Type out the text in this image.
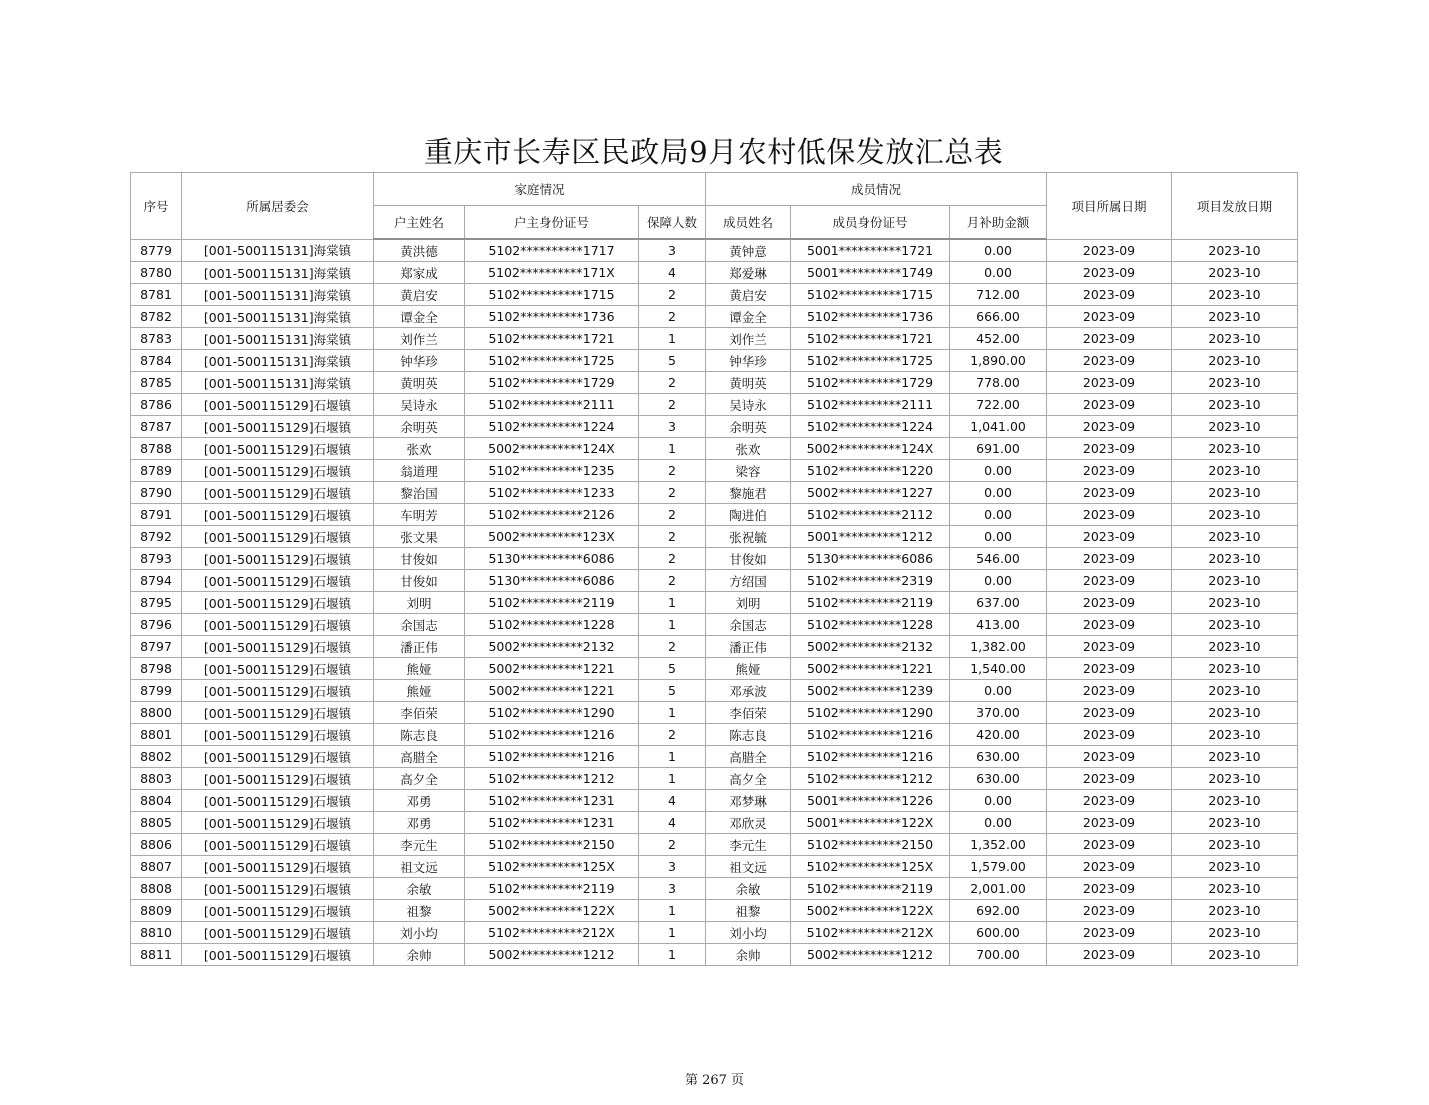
重庆市长寿区民政局9月农村低保发放汇总表
序号	所属居委会	家庭情况			成员情况			项目所属日期	项目发放日期
		户主姓名	户主身份证号	保障人数	成员姓名	成员身份证号	月补助金额		
8779	[001-500115131]海棠镇	黄洪德	5102**********1717	3	黄钟意	5001**********1721	0.00	2023-09	2023-10
8780	[001-500115131]海棠镇	郑家成	5102**********171X	4	郑爱琳	5001**********1749	0.00	2023-09	2023-10
8781	[001-500115131]海棠镇	黄启安	5102**********1715	2	黄启安	5102**********1715	712.00	2023-09	2023-10
8782	[001-500115131]海棠镇	谭金全	5102**********1736	2	谭金全	5102**********1736	666.00	2023-09	2023-10
8783	[001-500115131]海棠镇	刘作兰	5102**********1721	1	刘作兰	5102**********1721	452.00	2023-09	2023-10
8784	[001-500115131]海棠镇	钟华珍	5102**********1725	5	钟华珍	5102**********1725	1,890.00	2023-09	2023-10
8785	[001-500115131]海棠镇	黄明英	5102**********1729	2	黄明英	5102**********1729	778.00	2023-09	2023-10
8786	[001-500115129]石堰镇	吴诗永	5102**********2111	2	吴诗永	5102**********2111	722.00	2023-09	2023-10
8787	[001-500115129]石堰镇	余明英	5102**********1224	3	余明英	5102**********1224	1,041.00	2023-09	2023-10
8788	[001-500115129]石堰镇	张欢	5002**********124X	1	张欢	5002**********124X	691.00	2023-09	2023-10
8789	[001-500115129]石堰镇	翁道理	5102**********1235	2	梁容	5102**********1220	0.00	2023-09	2023-10
8790	[001-500115129]石堰镇	黎治国	5102**********1233	2	黎施君	5002**********1227	0.00	2023-09	2023-10
8791	[001-500115129]石堰镇	车明芳	5102**********2126	2	陶进伯	5102**********2112	0.00	2023-09	2023-10
8792	[001-500115129]石堰镇	张文果	5002**********123X	2	张祝毓	5001**********1212	0.00	2023-09	2023-10
8793	[001-500115129]石堰镇	甘俊如	5130**********6086	2	甘俊如	5130**********6086	546.00	2023-09	2023-10
8794	[001-500115129]石堰镇	甘俊如	5130**********6086	2	方绍国	5102**********2319	0.00	2023-09	2023-10
8795	[001-500115129]石堰镇	刘明	5102**********2119	1	刘明	5102**********2119	637.00	2023-09	2023-10
8796	[001-500115129]石堰镇	余国志	5102**********1228	1	余国志	5102**********1228	413.00	2023-09	2023-10
8797	[001-500115129]石堰镇	潘正伟	5002**********2132	2	潘正伟	5002**********2132	1,382.00	2023-09	2023-10
8798	[001-500115129]石堰镇	熊娅	5002**********1221	5	熊娅	5002**********1221	1,540.00	2023-09	2023-10
8799	[001-500115129]石堰镇	熊娅	5002**********1221	5	邓承波	5002**********1239	0.00	2023-09	2023-10
8800	[001-500115129]石堰镇	李佰荣	5102**********1290	1	李佰荣	5102**********1290	370.00	2023-09	2023-10
8801	[001-500115129]石堰镇	陈志良	5102**********1216	2	陈志良	5102**********1216	420.00	2023-09	2023-10
8802	[001-500115129]石堰镇	高腊全	5102**********1216	1	高腊全	5102**********1216	630.00	2023-09	2023-10
8803	[001-500115129]石堰镇	高夕全	5102**********1212	1	高夕全	5102**********1212	630.00	2023-09	2023-10
8804	[001-500115129]石堰镇	邓勇	5102**********1231	4	邓梦琳	5001**********1226	0.00	2023-09	2023-10
8805	[001-500115129]石堰镇	邓勇	5102**********1231	4	邓欣灵	5001**********122X	0.00	2023-09	2023-10
8806	[001-500115129]石堰镇	李元生	5102**********2150	2	李元生	5102**********2150	1,352.00	2023-09	2023-10
8807	[001-500115129]石堰镇	祖文远	5102**********125X	3	祖文远	5102**********125X	1,579.00	2023-09	2023-10
8808	[001-500115129]石堰镇	余敏	5102**********2119	3	余敏	5102**********2119	2,001.00	2023-09	2023-10
8809	[001-500115129]石堰镇	祖黎	5002**********122X	1	祖黎	5002**********122X	692.00	2023-09	2023-10
8810	[001-500115129]石堰镇	刘小均	5102**********212X	1	刘小均	5102**********212X	600.00	2023-09	2023-10
8811	[001-500115129]石堰镇	余帅	5002**********1212	1	余帅	5002**********1212	700.00	2023-09	2023-10
第 267 页
